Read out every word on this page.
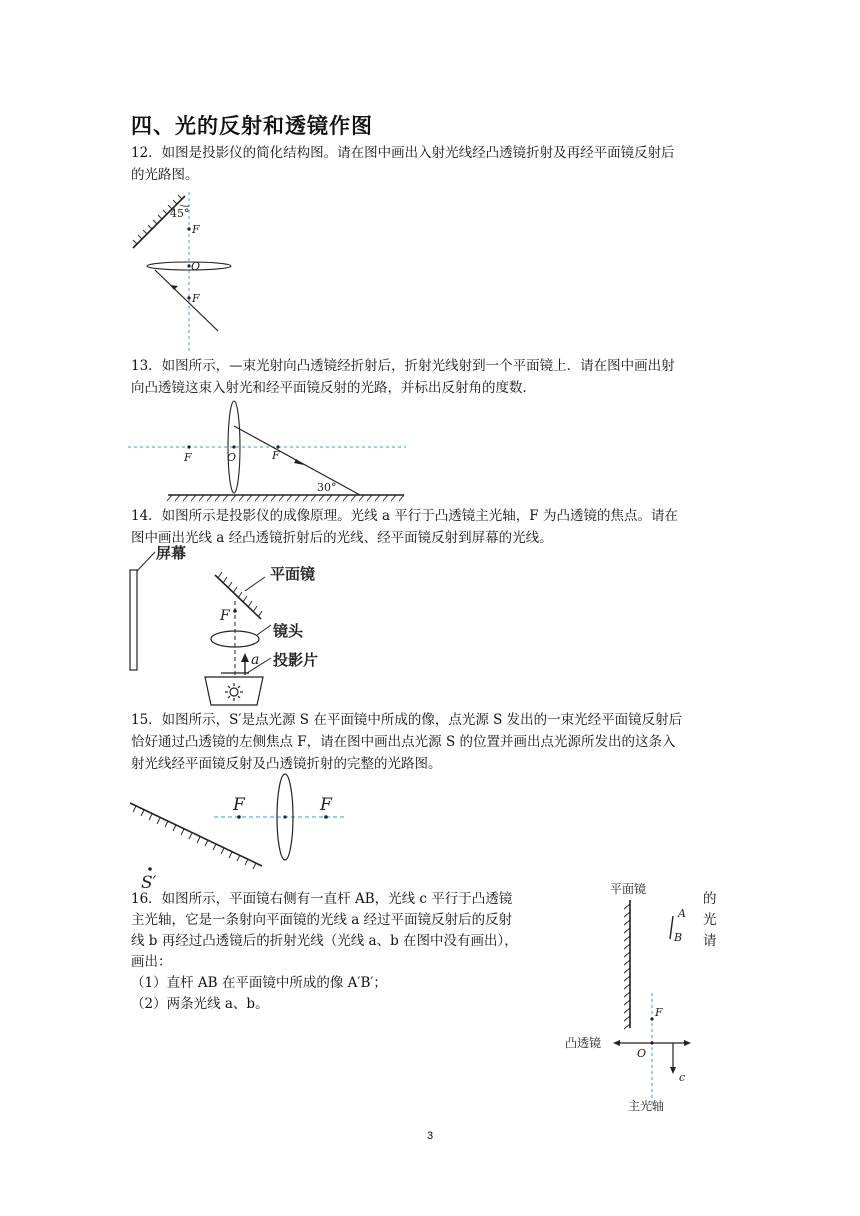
四、光的反射和透镜作图
12．如图是投影仪的简化结构图。请在图中画出入射光线经凸透镜折射及再经平面镜反射后
的光路图。
45°
F
O
F
13．如图所示，—束光射向凸透镜经折射后，折射光线射到一个平面镜上．请在图中画出射
向凸透镜这束入射光和经平面镜反射的光路，并标出反射角的度数．
F	O	F
30°
14．如图所示是投影仪的成像原理。光线 a 平行于凸透镜主光轴，F 为凸透镜的焦点。请在
图中画出光线 a 经凸透镜折射后的光线、经平面镜反射到屏幕的光线。
屏幕
平面镜
F
镜头
a 投影片
15．如图所示，S′是点光源 S 在平面镜中所成的像，点光源 S 发出的一束光经平面镜反射后
恰好通过凸透镜的左侧焦点 F，请在图中画出点光源 S 的位置并画出点光源所发出的这条入
射光线经平面镜反射及凸透镜折射的完整的光路图。
F	F
S′
16．如图所示，平面镜右侧有一直杆 AB，光线 c 平行于凸透镜
主光轴，它是一条射向平面镜的光线 a 经过平面镜反射后的反射
线 b 再经过凸透镜后的折射光线（光线 a、b 在图中没有画出），
画出：
（1）直杆 AB 在平面镜中所成的像 A′B′；
（2）两条光线 a、b。
的
光
请
平面镜
A
B
F
凸透镜
O
c
主光轴
3
